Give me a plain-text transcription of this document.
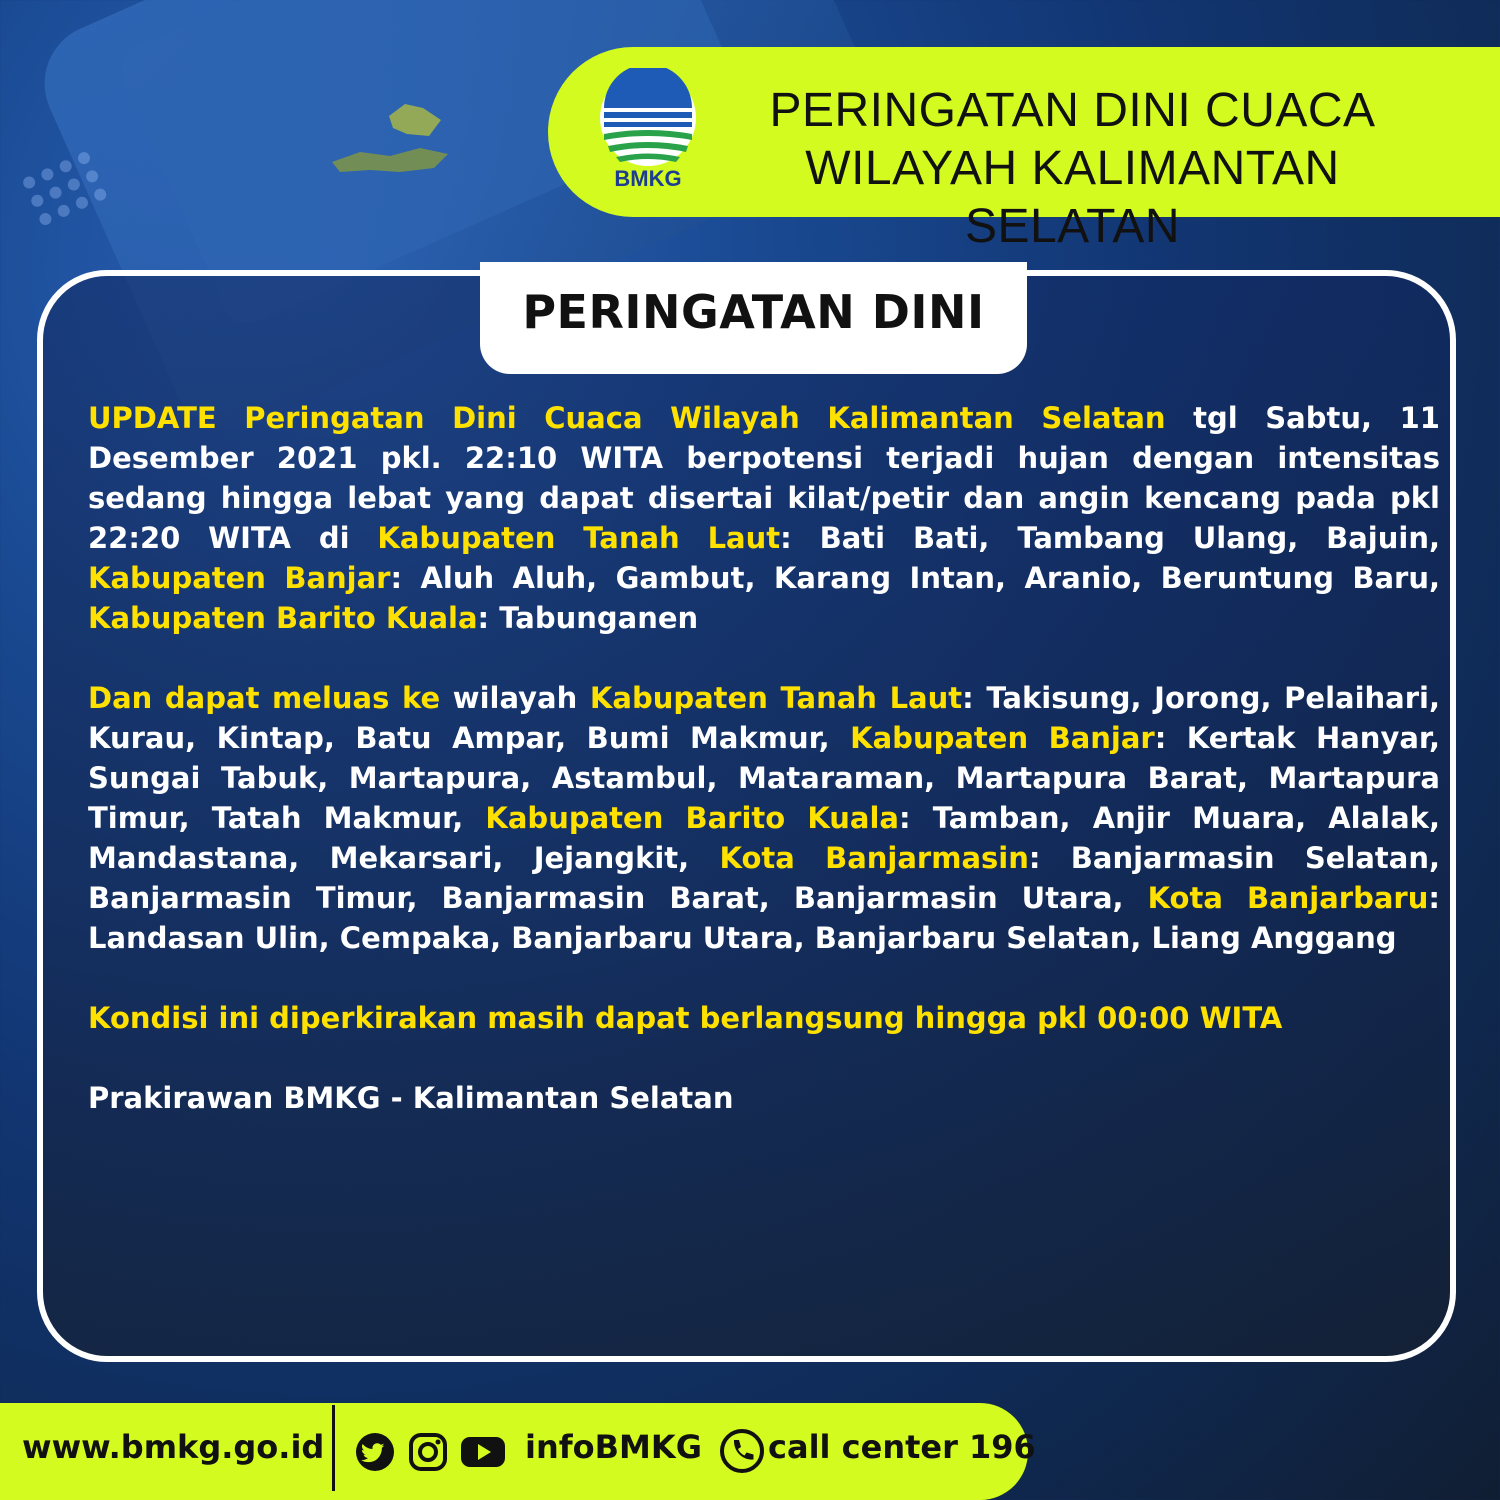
BMKG
PERINGATAN DINI CUACA
WILAYAH KALIMANTAN SELATAN
PERINGATAN DINI

UPDATE Peringatan Dini Cuaca Wilayah Kalimantan Selatan tgl Sabtu, 11 Desember 2021 pkl. 22:10 WITA berpotensi terjadi hujan dengan intensitas sedang hingga lebat yang dapat disertai kilat/petir dan angin kencang pada pkl 22:20 WITA di Kabupaten Tanah Laut: Bati Bati, Tambang Ulang, Bajuin, Kabupaten Banjar: Aluh Aluh, Gambut, Karang Intan, Aranio, Beruntung Baru, Kabupaten Barito Kuala: Tabunganen

Dan dapat meluas ke wilayah Kabupaten Tanah Laut: Takisung, Jorong, Pelaihari, Kurau, Kintap, Batu Ampar, Bumi Makmur, Kabupaten Banjar: Kertak Hanyar, Sungai Tabuk, Martapura, Astambul, Mataraman, Martapura Barat, Martapura Timur, Tatah Makmur, Kabupaten Barito Kuala: Tamban, Anjir Muara, Alalak, Mandastana, Mekarsari, Jejangkit, Kota Banjarmasin: Banjarmasin Selatan, Banjarmasin Timur, Banjarmasin Barat, Banjarmasin Utara, Kota Banjarbaru: Landasan Ulin, Cempaka, Banjarbaru Utara, Banjarbaru Selatan, Liang Anggang

Kondisi ini diperkirakan masih dapat berlangsung hingga pkl 00:00 WITA

Prakirawan BMKG - Kalimantan Selatan

www.bmkg.go.id	infoBMKG call center 196
